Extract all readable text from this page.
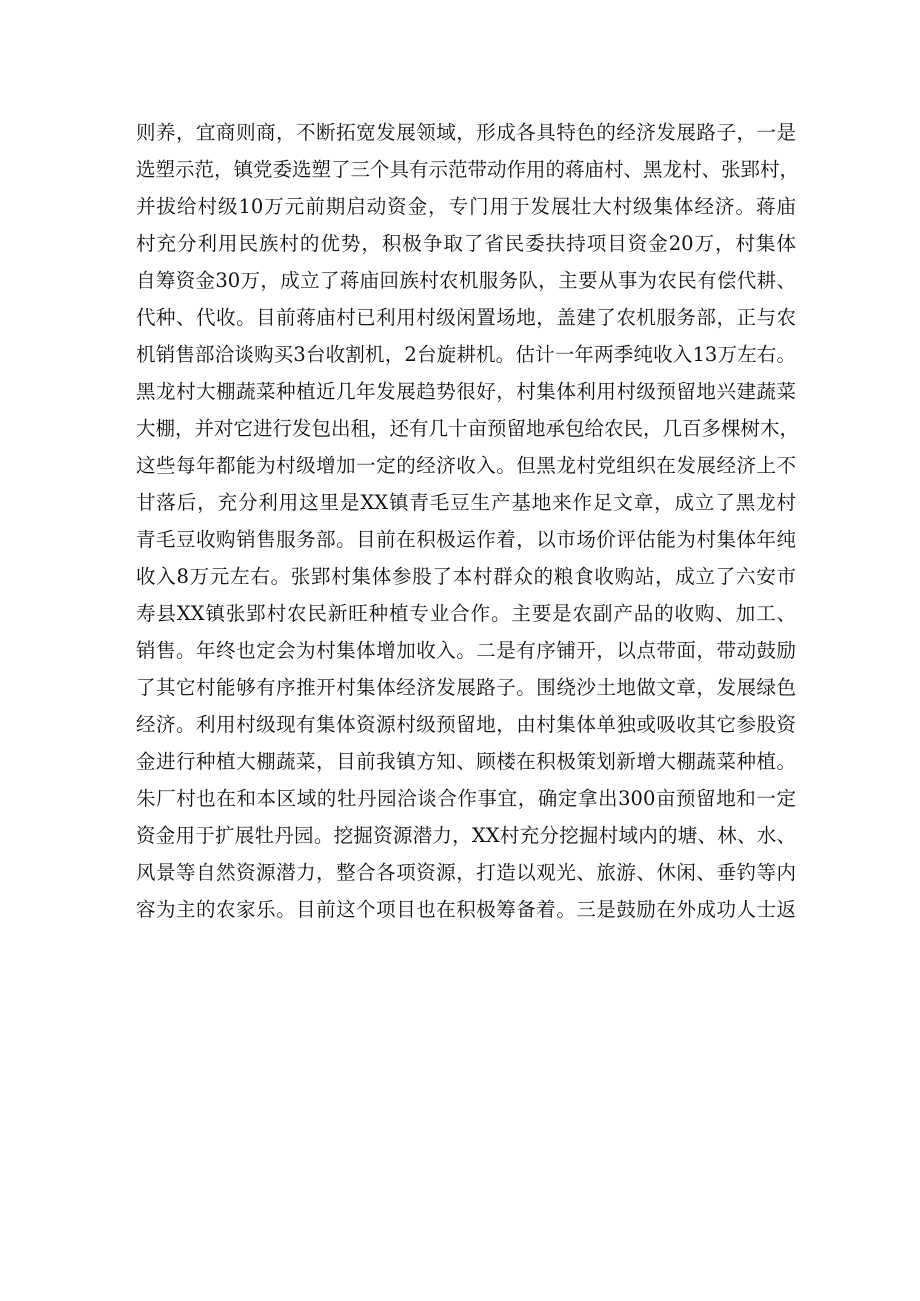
则养，宜商则商，不断拓宽发展领域，形成各具特色的经济发展路子，一是
选塑示范，镇党委选塑了三个具有示范带动作用的蒋庙村、黑龙村、张郢村，
并拔给村级10万元前期启动资金，专门用于发展壮大村级集体经济。蒋庙
村充分利用民族村的优势，积极争取了省民委扶持项目资金20万，村集体
自筹资金30万，成立了蒋庙回族村农机服务队，主要从事为农民有偿代耕、
代种、代收。目前蒋庙村已利用村级闲置场地，盖建了农机服务部，正与农
机销售部洽谈购买3台收割机，2台旋耕机。估计一年两季纯收入13万左右。
黑龙村大棚蔬菜种植近几年发展趋势很好，村集体利用村级预留地兴建蔬菜
大棚，并对它进行发包出租，还有几十亩预留地承包给农民，几百多棵树木，
这些每年都能为村级增加一定的经济收入。但黑龙村党组织在发展经济上不
甘落后，充分利用这里是XX镇青毛豆生产基地来作足文章，成立了黑龙村
青毛豆收购销售服务部。目前在积极运作着，以市场价评估能为村集体年纯
收入8万元左右。张郢村集体参股了本村群众的粮食收购站，成立了六安市
寿县XX镇张郢村农民新旺种植专业合作。主要是农副产品的收购、加工、
销售。年终也定会为村集体增加收入。二是有序铺开，以点带面，带动鼓励
了其它村能够有序推开村集体经济发展路子。围绕沙土地做文章，发展绿色
经济。利用村级现有集体资源村级预留地，由村集体单独或吸收其它参股资
金进行种植大棚蔬菜，目前我镇方知、顾楼在积极策划新增大棚蔬菜种植。
朱厂村也在和本区域的牡丹园洽谈合作事宜，确定拿出300亩预留地和一定
资金用于扩展牡丹园。挖掘资源潜力，XX村充分挖掘村域内的塘、林、水、
风景等自然资源潜力，整合各项资源，打造以观光、旅游、休闲、垂钓等内
容为主的农家乐。目前这个项目也在积极筹备着。三是鼓励在外成功人士返
